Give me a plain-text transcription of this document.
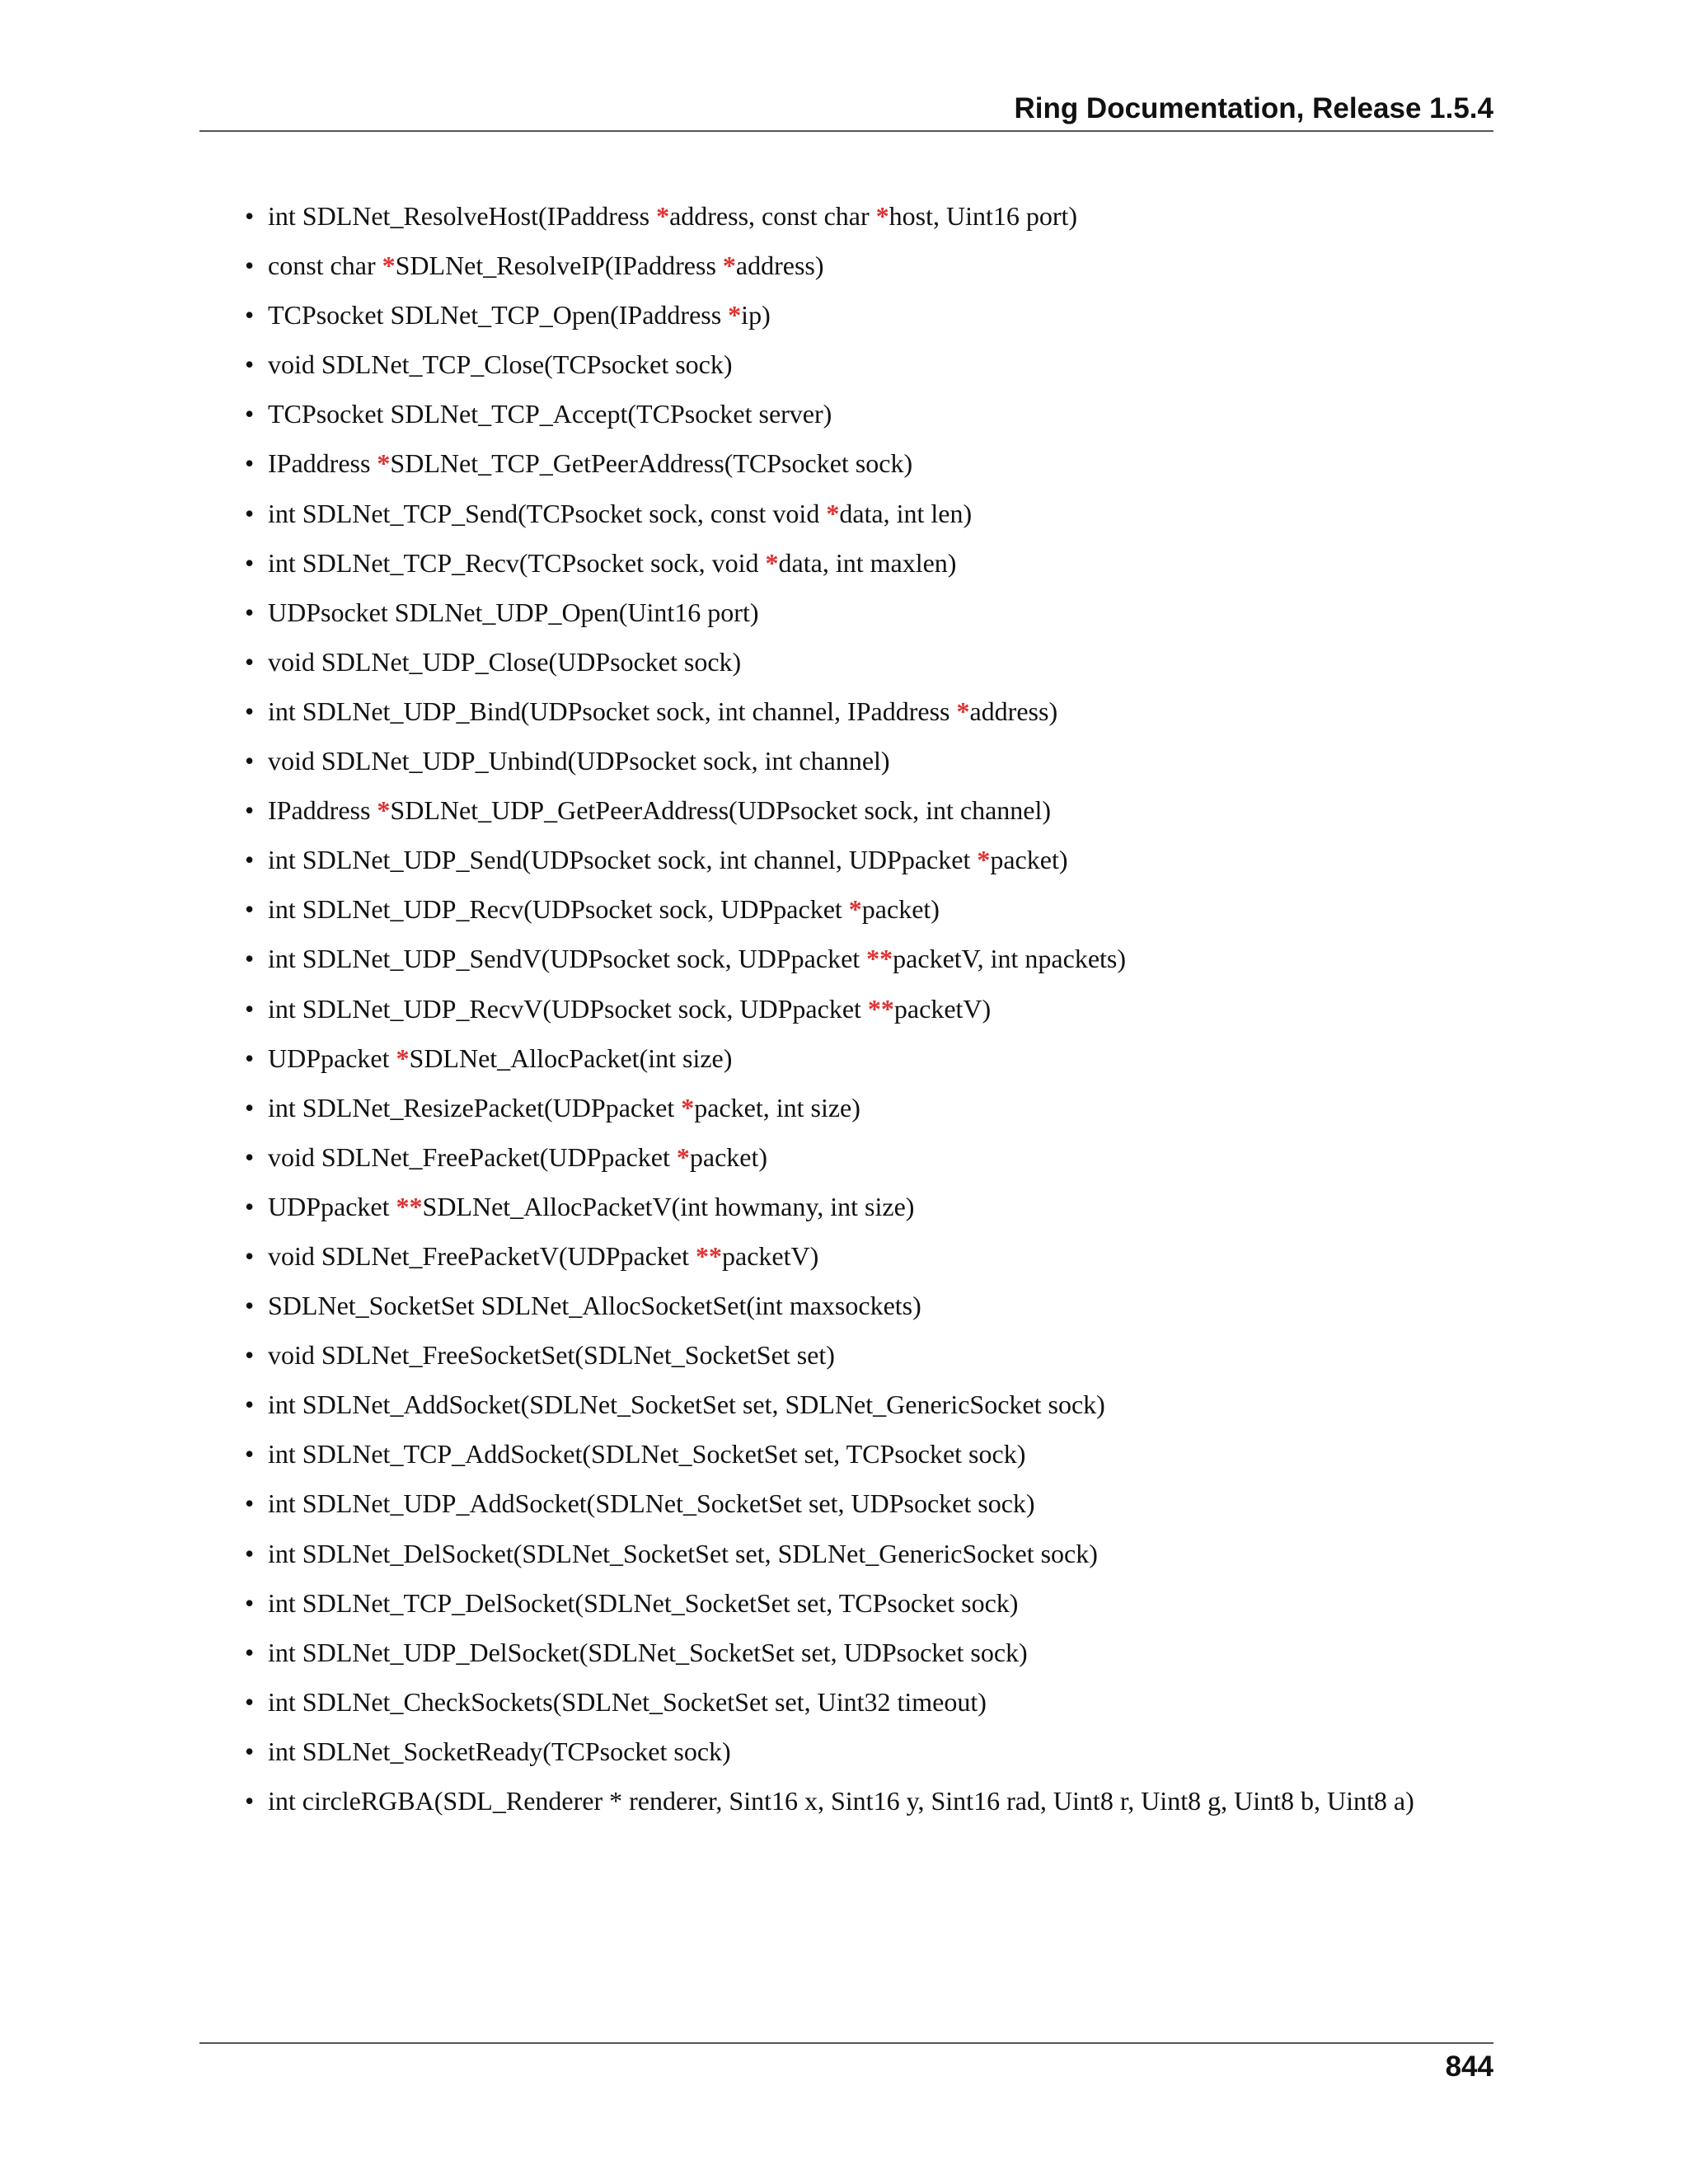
Ring Documentation, Release 1.5.4
• int SDLNet_ResolveHost(IPaddress *address, const char *host, Uint16 port)
• const char *SDLNet_ResolveIP(IPaddress *address)
• TCPsocket SDLNet_TCP_Open(IPaddress *ip)
• void SDLNet_TCP_Close(TCPsocket sock)
• TCPsocket SDLNet_TCP_Accept(TCPsocket server)
• IPaddress *SDLNet_TCP_GetPeerAddress(TCPsocket sock)
• int SDLNet_TCP_Send(TCPsocket sock, const void *data, int len)
• int SDLNet_TCP_Recv(TCPsocket sock, void *data, int maxlen)
• UDPsocket SDLNet_UDP_Open(Uint16 port)
• void SDLNet_UDP_Close(UDPsocket sock)
• int SDLNet_UDP_Bind(UDPsocket sock, int channel, IPaddress *address)
• void SDLNet_UDP_Unbind(UDPsocket sock, int channel)
• IPaddress *SDLNet_UDP_GetPeerAddress(UDPsocket sock, int channel)
• int SDLNet_UDP_Send(UDPsocket sock, int channel, UDPpacket *packet)
• int SDLNet_UDP_Recv(UDPsocket sock, UDPpacket *packet)
• int SDLNet_UDP_SendV(UDPsocket sock, UDPpacket **packetV, int npackets)
• int SDLNet_UDP_RecvV(UDPsocket sock, UDPpacket **packetV)
• UDPpacket *SDLNet_AllocPacket(int size)
• int SDLNet_ResizePacket(UDPpacket *packet, int size)
• void SDLNet_FreePacket(UDPpacket *packet)
• UDPpacket **SDLNet_AllocPacketV(int howmany, int size)
• void SDLNet_FreePacketV(UDPpacket **packetV)
• SDLNet_SocketSet SDLNet_AllocSocketSet(int maxsockets)
• void SDLNet_FreeSocketSet(SDLNet_SocketSet set)
• int SDLNet_AddSocket(SDLNet_SocketSet set, SDLNet_GenericSocket sock)
• int SDLNet_TCP_AddSocket(SDLNet_SocketSet set, TCPsocket sock)
• int SDLNet_UDP_AddSocket(SDLNet_SocketSet set, UDPsocket sock)
• int SDLNet_DelSocket(SDLNet_SocketSet set, SDLNet_GenericSocket sock)
• int SDLNet_TCP_DelSocket(SDLNet_SocketSet set, TCPsocket sock)
• int SDLNet_UDP_DelSocket(SDLNet_SocketSet set, UDPsocket sock)
• int SDLNet_CheckSockets(SDLNet_SocketSet set, Uint32 timeout)
• int SDLNet_SocketReady(TCPsocket sock)
• int circleRGBA(SDL_Renderer * renderer, Sint16 x, Sint16 y, Sint16 rad, Uint8 r, Uint8 g, Uint8 b, Uint8 a)
844
